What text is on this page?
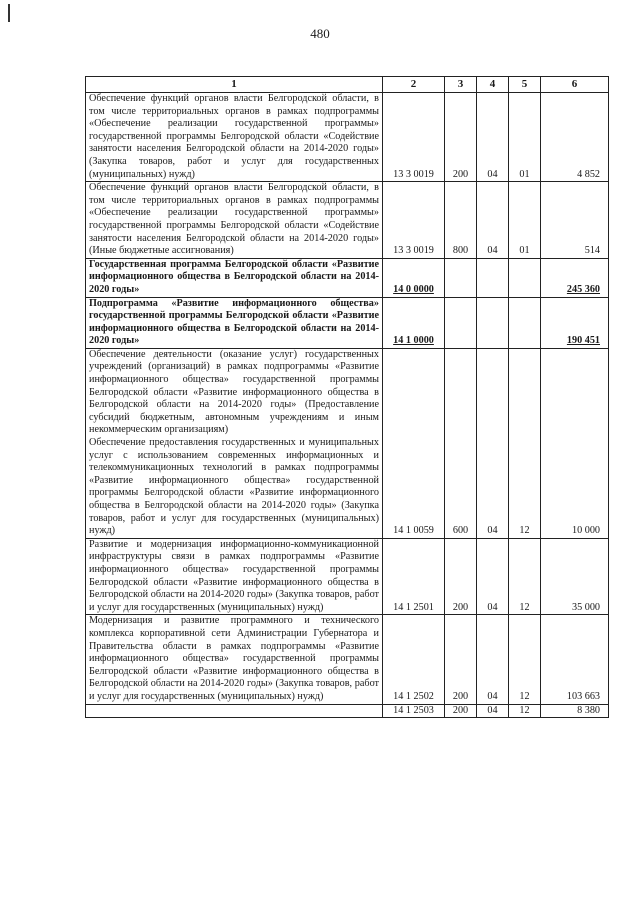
480
1	2	3	4	5	6

Обеспечение функций органов власти Белгородской области, в том числе территориальных органов в рамках подпрограммы «Обеспечение реализации государственной программы» государственной программы Белгородской области «Содействие занятости населения Белгородской области на 2014-2020 годы» (Закупка товаров, работ и услуг для государственных (муниципальных) нужд)	13 3 0019	200	04	01	4 852

Обеспечение функций органов власти Белгородской области, в том числе территориальных органов в рамках подпрограммы «Обеспечение реализации государственной программы» государственной программы Белгородской области «Содействие занятости населения Белгородской области на 2014-2020 годы» (Иные бюджетные ассигнования)	13 3 0019	800	04	01	514

Государственная программа Белгородской области «Развитие информационного общества в Белгородской области на 2014-2020 годы»	14 0 0000				245 360

Подпрограмма «Развитие информационного общества» государственной программы Белгородской области «Развитие информационного общества в Белгородской области на 2014-2020 годы»	14 1 0000				190 451

Обеспечение деятельности (оказание услуг) государственных учреждений (организаций) в рамках подпрограммы «Развитие информационного общества» государственной программы Белгородской области «Развитие информационного общества в Белгородской области на 2014-2020 годы» (Предоставление субсидий бюджетным, автономным учреждениям и иным некоммерческим организациям)
Обеспечение предоставления государственных и муниципальных услуг с использованием современных информационных и телекоммуникационных технологий в рамках подпрограммы «Развитие информационного общества» государственной программы Белгородской области «Развитие информационного общества в Белгородской области на 2014-2020 годы» (Закупка товаров, работ и услуг для государственных (муниципальных) нужд)	14 1 0059	600	04	12	10 000

Развитие и модернизация информационно-коммуникационной инфраструктуры связи в рамках подпрограммы «Развитие информационного общества» государственной программы Белгородской области «Развитие информационного общества в Белгородской области на 2014-2020 годы» (Закупка товаров, работ и услуг для государственных (муниципальных) нужд)	14 1 2501	200	04	12	35 000

Модернизация и развитие программного и технического комплекса корпоративной сети Администрации Губернатора и Правительства области в рамках подпрограммы «Развитие информационного общества» государственной программы Белгородской области «Развитие информационного общества в Белгородской области на 2014-2020 годы» (Закупка товаров, работ и услуг для государственных (муниципальных) нужд)	14 1 2502	200	04	12	103 663
	14 1 2503	200	04	12	8 380
